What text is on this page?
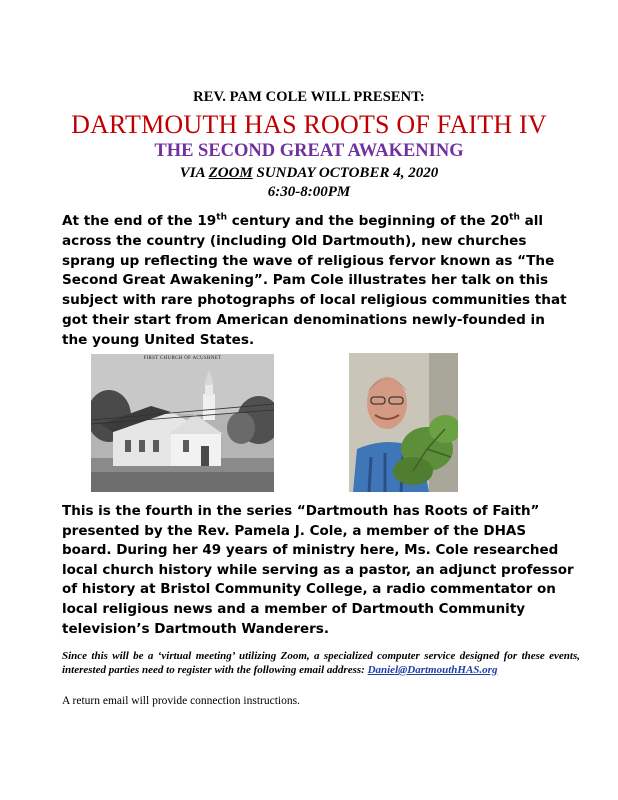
REV. PAM COLE WILL PRESENT:
DARTMOUTH HAS ROOTS OF FAITH IV
THE SECOND GREAT AWAKENING
VIA ZOOM SUNDAY OCTOBER 4, 2020
6:30-8:00PM
At the end of the 19th century and the beginning of the 20th all across the country (including Old Dartmouth), new churches sprang up reflecting the wave of religious fervor known as “The Second Great Awakening”. Pam Cole illustrates her talk on this subject with rare photographs of local religious communities that got their start from American denominations newly-founded in the young United States.
FIRST CHURCH OF ACUSHNET
This is the fourth in the series “Dartmouth has Roots of Faith” presented by the Rev. Pamela J. Cole, a member of the DHAS board. During her 49 years of ministry here, Ms. Cole researched local church history while serving as a pastor, an adjunct professor of history at Bristol Community College, a radio commentator on local religious news and a member of Dartmouth Community television’s Dartmouth Wanderers.
Since this will be a ‘virtual meeting’ utilizing Zoom, a specialized computer service designed for these events, interested parties need to register with the following email address: Daniel@DartmouthHAS.org
A return email will provide connection instructions.
